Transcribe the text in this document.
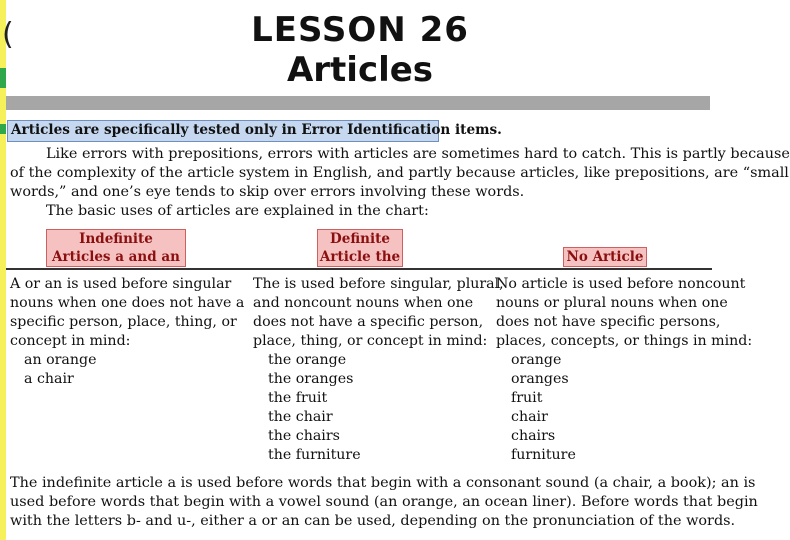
(	LESSON 26
Articles
Articles are specifically tested only in Error Identification items.
Like errors with prepositions, errors with articles are sometimes hard to catch. This is partly because
of the complexity of the article system in English, and partly because articles, like prepositions, are “small
words,” and one’s eye tends to skip over errors involving these words.
The basic uses of articles are explained in the chart:
Indefinite
Articles a and an
Definite
Article the	No Article
A or an is used before singular
nouns when one does not have a
specific person, place, thing, or
concept in mind:
an orange
a chair
The is used before singular, plural,
and noncount nouns when one
does not have a specific person,
place, thing, or concept in mind:
the orange
the oranges
the fruit
the chair
the chairs
the furniture
No article is used before noncount
nouns or plural nouns when one
does not have specific persons,
places, concepts, or things in mind:
orange
oranges
fruit
chair
chairs
furniture
The indefinite article a is used before words that begin with a consonant sound (a chair, a book); an is
used before words that begin with a vowel sound (an orange, an ocean liner). Before words that begin
with the letters b- and u-, either a or an can be used, depending on the pronunciation of the words.
